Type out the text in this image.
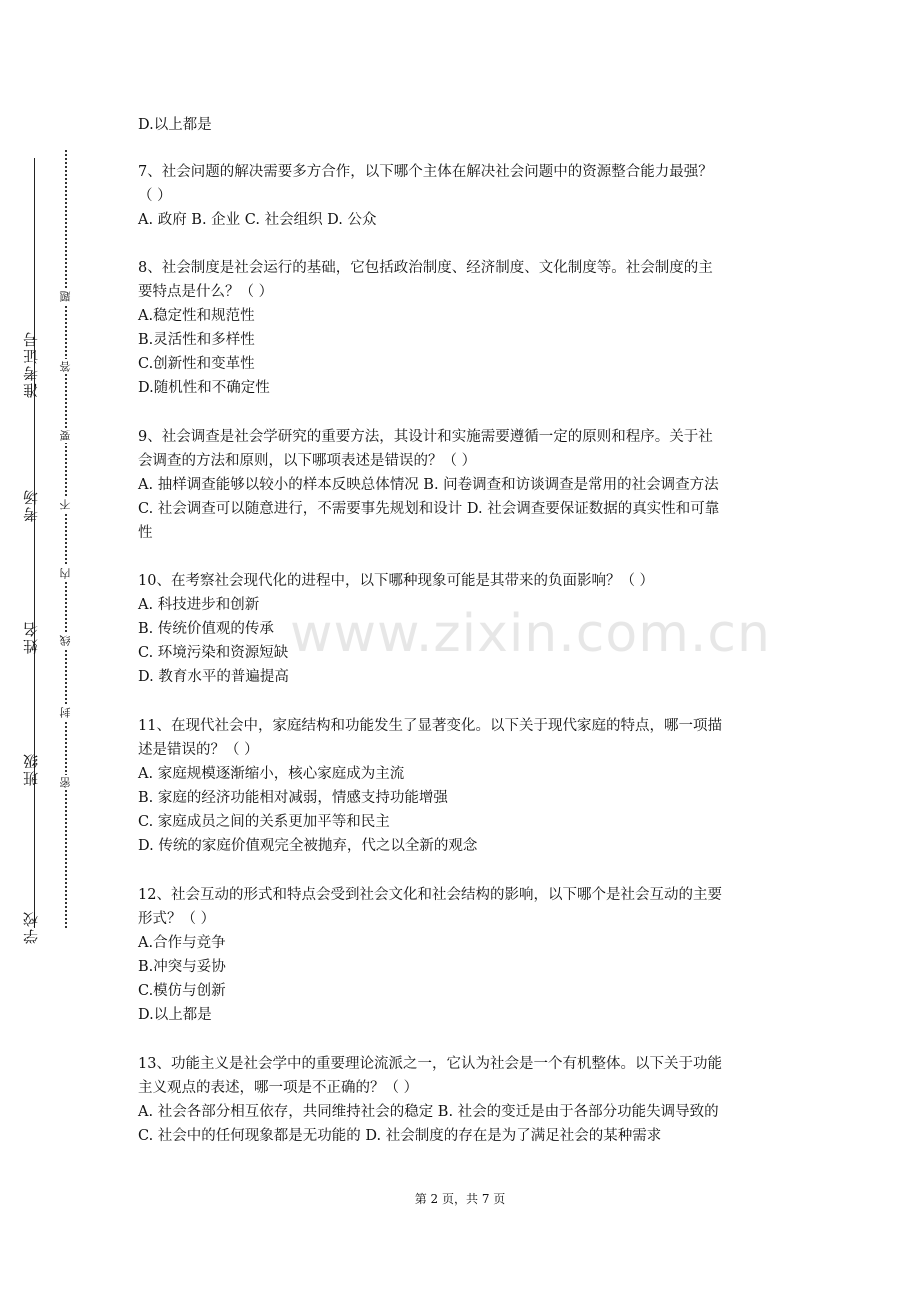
学校
班级
姓名
考场
准考证号
密
封
线
内
不
要
答
题
www.zixin.com.cn
D.以上都是
7、社会问题的解决需要多方合作，以下哪个主体在解决社会问题中的资源整合能力最强？
（ ）
A. 政府 B. 企业 C. 社会组织 D. 公众
8、社会制度是社会运行的基础，它包括政治制度、经济制度、文化制度等。社会制度的主
要特点是什么？（ ）
A.稳定性和规范性
B.灵活性和多样性
C.创新性和变革性
D.随机性和不确定性
9、社会调查是社会学研究的重要方法，其设计和实施需要遵循一定的原则和程序。关于社
会调查的方法和原则，以下哪项表述是错误的？（ ）
A. 抽样调查能够以较小的样本反映总体情况 B. 问卷调查和访谈调查是常用的社会调查方法
C. 社会调查可以随意进行，不需要事先规划和设计 D. 社会调查要保证数据的真实性和可靠
性
10、在考察社会现代化的进程中，以下哪种现象可能是其带来的负面影响？（ ）
A. 科技进步和创新
B. 传统价值观的传承
C. 环境污染和资源短缺
D. 教育水平的普遍提高
11、在现代社会中，家庭结构和功能发生了显著变化。以下关于现代家庭的特点，哪一项描
述是错误的？（ ）
A. 家庭规模逐渐缩小，核心家庭成为主流
B. 家庭的经济功能相对减弱，情感支持功能增强
C. 家庭成员之间的关系更加平等和民主
D. 传统的家庭价值观完全被抛弃，代之以全新的观念
12、社会互动的形式和特点会受到社会文化和社会结构的影响，以下哪个是社会互动的主要
形式？（ ）
A.合作与竞争
B.冲突与妥协
C.模仿与创新
D.以上都是
13、功能主义是社会学中的重要理论流派之一，它认为社会是一个有机整体。以下关于功能
主义观点的表述，哪一项是不正确的？（ ）
A. 社会各部分相互依存，共同维持社会的稳定 B. 社会的变迁是由于各部分功能失调导致的
C. 社会中的任何现象都是无功能的 D. 社会制度的存在是为了满足社会的某种需求
第 2 页，共 7 页
